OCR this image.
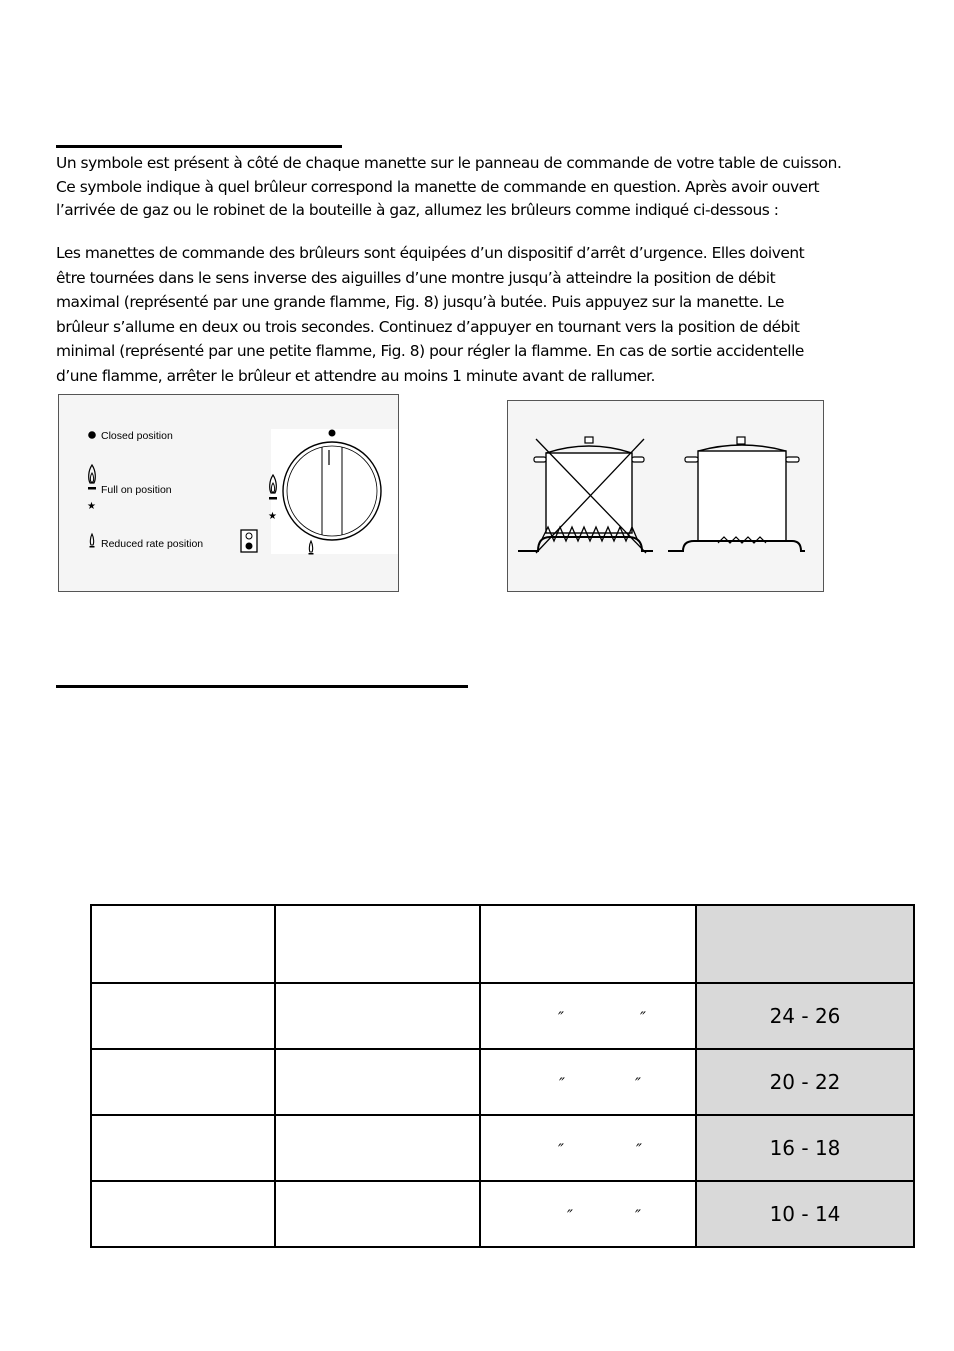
Un symbole est présent à côté de chaque manette sur le panneau de commande de votre table de cuisson.
Ce symbole indique à quel brûleur correspond la manette de commande en question. Après avoir ouvert
l’arrivée de gaz ou le robinet de la bouteille à gaz, allumez les brûleurs comme indiqué ci-dessous :
Les manettes de commande des brûleurs sont équipées d’un dispositif d’arrêt d’urgence. Elles doivent
être tournées dans le sens inverse des aiguilles d’une montre jusqu’à atteindre la position de débit
maximal (représenté par une grande flamme, Fig. 8) jusqu’à butée. Puis appuyez sur la manette. Le
brûleur s’allume en deux ou trois secondes. Continuez d’appuyer en tournant vers la position de débit
minimal (représenté par une petite flamme, Fig. 8) pour régler la flamme. En cas de sortie accidentelle
d’une flamme, arrêter le brûleur et attendre au moins 1 minute avant de rallumer.
Closed position
★
Full on position
Reduced rate position
★

		″ ″	24 - 26
		″ ″	20 - 22
		″ ″	16 - 18
		″ ″	10 - 14
